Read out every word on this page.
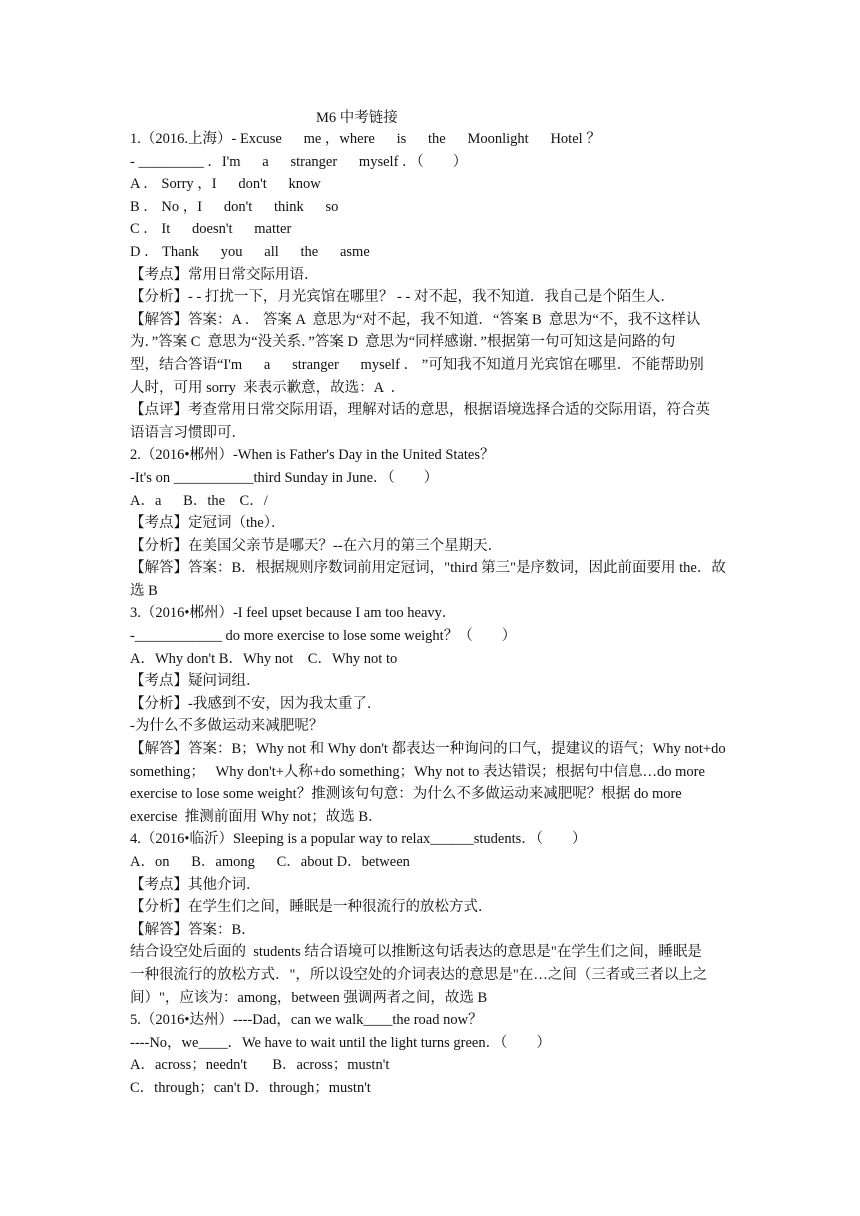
M6 中考链接
1.（2016.上海）- Excuse      me ，where      is      the      Moonlight      Hotel ？
- _________ ．I'm      a      stranger      myself ．（        ）
A ． Sorry ，I      don't      know
B ． No ，I      don't      think      so
C ． It      doesn't      matter
D ． Thank      you      all      the      asme
【考点】常用日常交际用语．
【分析】- - 打扰一下，月光宾馆在哪里？ - - 对不起，我不知道．我自己是个陌生人．
【解答】答案：A ． 答案 A  意思为“对不起，我不知道．“答案 B  意思为“不，我不这样认
为．”答案 C  意思为“没关系．”答案 D  意思为“同样感谢．”根据第一句可知这是问路的句
型，结合答语“I'm      a      stranger      myself ． ”可知我不知道月光宾馆在哪里．不能帮助别
人时，可用 sorry  来表示歉意，故选：A  ．
【点评】考查常用日常交际用语，理解对话的意思，根据语境选择合适的交际用语，符合英
语语言习惯即可．
2.（2016•郴州）-When is Father's Day in the United States？
-It's on ___________third Sunday in June．（        ）
A．a      B．the    C．/
【考点】定冠词（the）．
【分析】在美国父亲节是哪天？--在六月的第三个星期天．
【解答】答案：B．根据规则序数词前用定冠词，"third 第三"是序数词，因此前面要用 the．故
选 B
3.（2016•郴州）-I feel upset because I am too heavy．
-____________ do more exercise to lose some weight？（        ）
A．Why don't B．Why not    C．Why not to
【考点】疑问词组．
【分析】-我感到不安，因为我太重了．
-为什么不多做运动来减肥呢？
【解答】答案：B；Why not 和 Why don't 都表达一种询问的口气，提建议的语气；Why not+do
something；   Why don't+人称+do something；Why not to 表达错误；根据句中信息…do more
exercise to lose some weight？推测该句句意：为什么不多做运动来减肥呢？根据 do more
exercise  推测前面用 Why not；故选 B．
4.（2016•临沂）Sleeping is a popular way to relax______students．（        ）
A．on      B．among      C．about D．between
【考点】其他介词．
【分析】在学生们之间，睡眠是一种很流行的放松方式．
【解答】答案：B．
结合设空处后面的  students 结合语境可以推断这句话表达的意思是"在学生们之间，睡眠是
一种很流行的放松方式．"，所以设空处的介词表达的意思是"在…之间（三者或三者以上之
间）"，应该为：among，between 强调两者之间，故选 B
5.（2016•达州）----Dad，can we walk____the road now？
----No，we____．We have to wait until the light turns green．（        ）
A．across；needn't       B．across；mustn't
C．through；can't D．through；mustn't
